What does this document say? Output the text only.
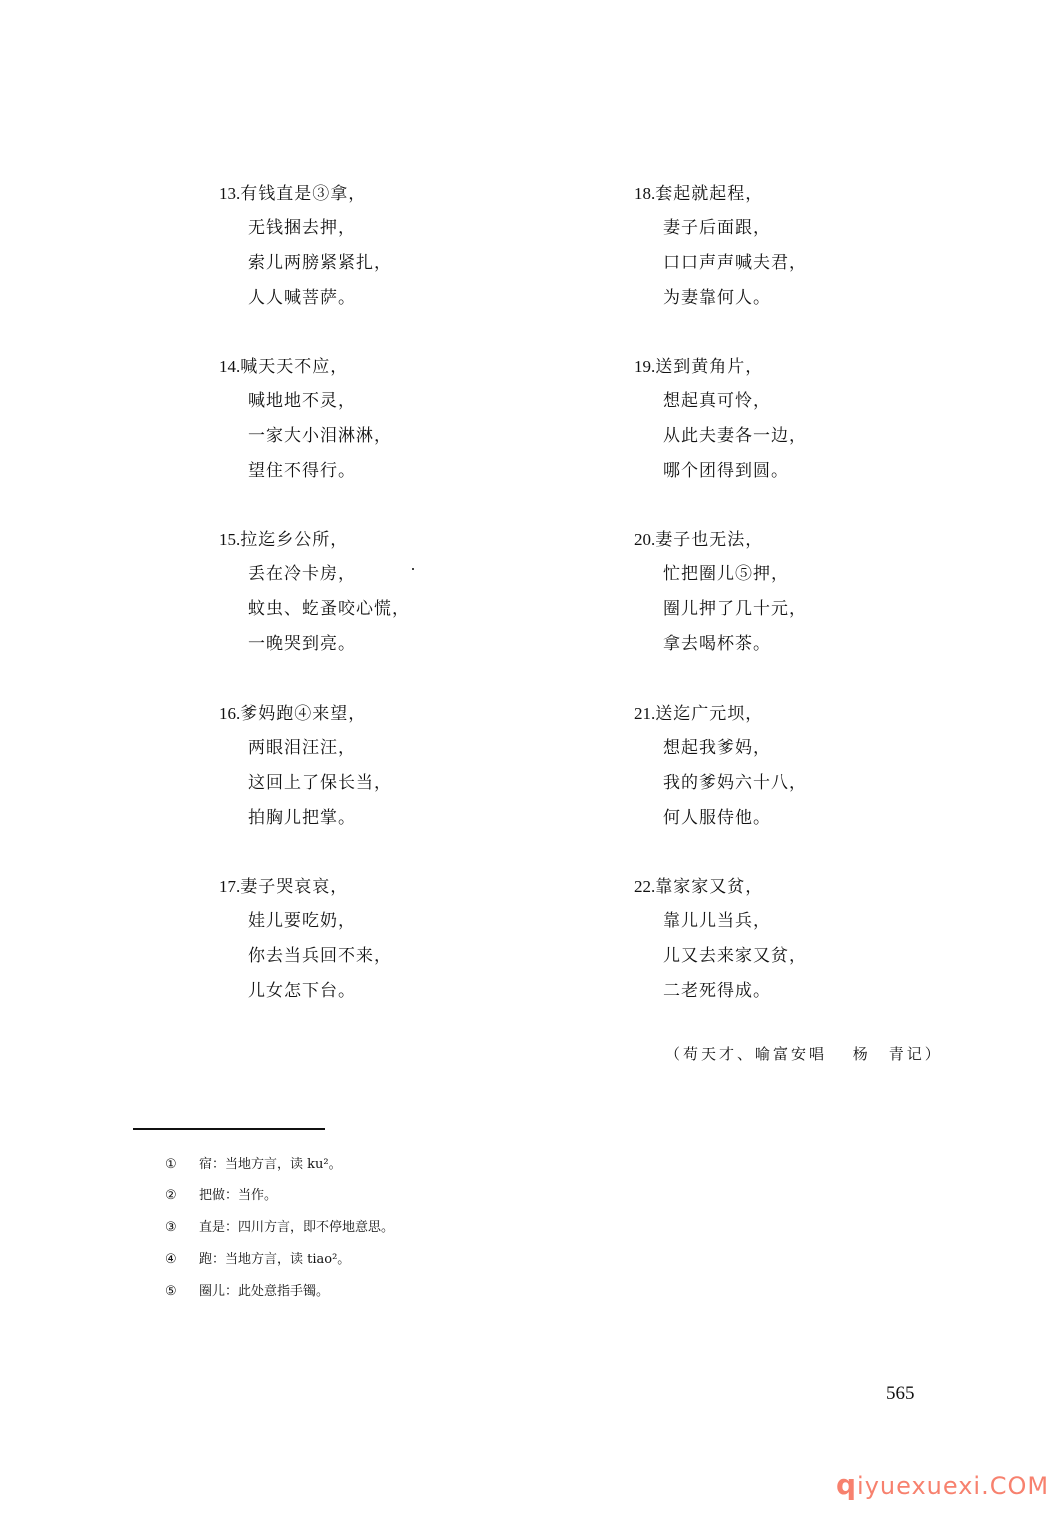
13.有钱直是③拿，
无钱捆去押，
索儿两膀紧紧扎，
人人喊菩萨。
14.喊天天不应，
喊地地不灵，
一家大小泪淋淋，
望住不得行。
15.拉迄乡公所，
丢在冷卡房，
蚊虫、虼蚤咬心慌，
一晚哭到亮。
16.爹妈跑④来望，
两眼泪汪汪，
这回上了保长当，
拍胸儿把掌。
17.妻子哭哀哀，
娃儿要吃奶，
你去当兵回不来，
儿女怎下台。
18.套起就起程，
妻子后面跟，
口口声声喊夫君，
为妻靠何人。
19.送到黄角片，
想起真可怜，
从此夫妻各一边，
哪个团得到圆。
20.妻子也无法，
忙把圈儿⑤押，
圈儿押了几十元，
拿去喝杯茶。
21.送迄广元坝，
想起我爹妈，
我的爹妈六十八，
何人服侍他。
22.靠家家又贫，
靠儿儿当兵，
儿又去来家又贫，
二老死得成。
（苟天才、喻富安唱　 杨　青记）
① 宿：当地方言，读 ku²。
② 把做：当作。
③ 直是：四川方言，即不停地意思。
④ 跑：当地方言，读 tiao²。
⑤ 圈儿：此处意指手镯。
565
qiyuexuexi.COM
